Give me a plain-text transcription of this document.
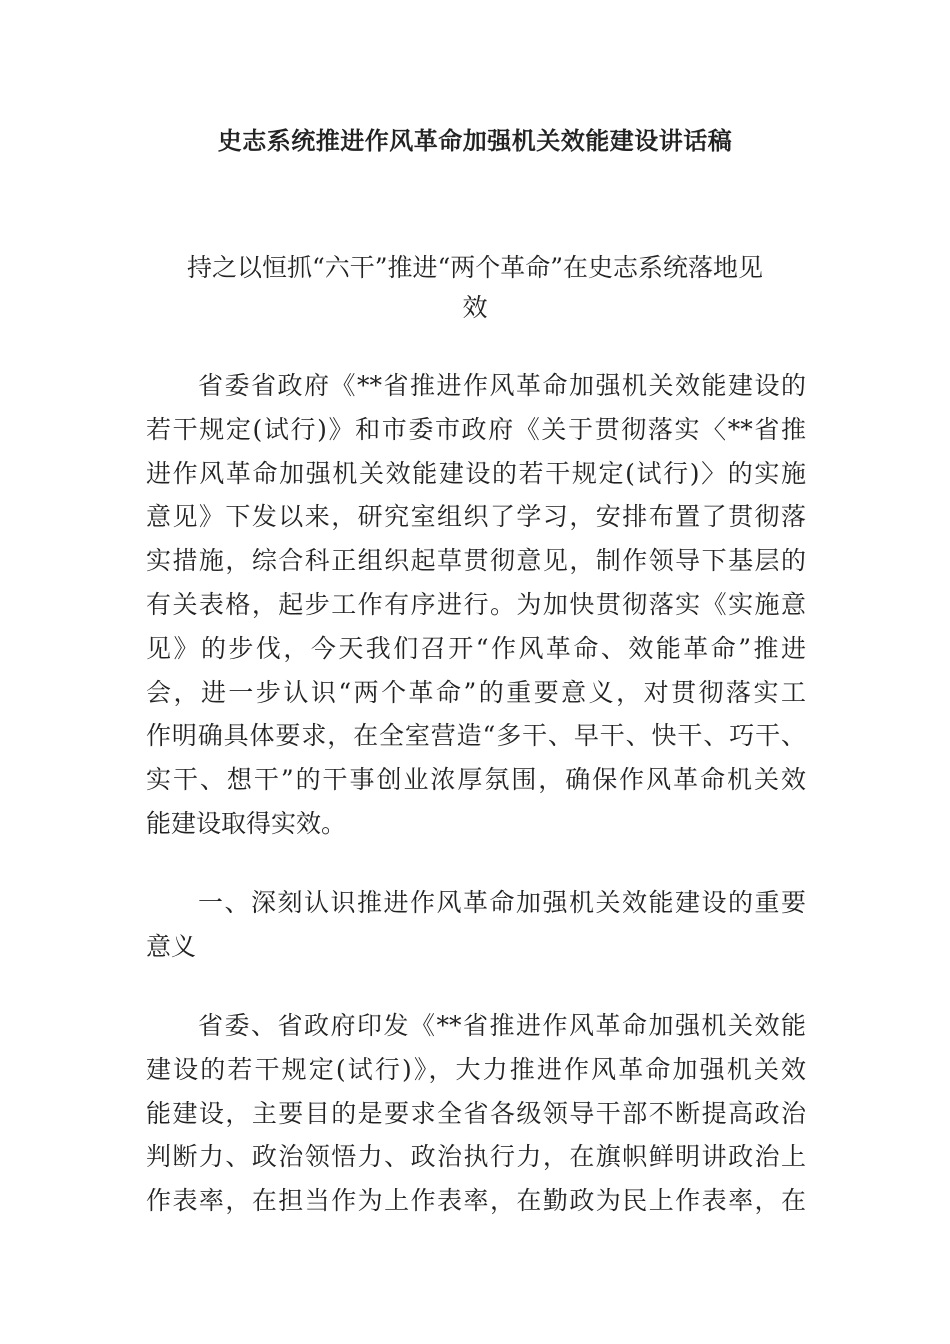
史志系统推进作风革命加强机关效能建设讲话稿
持之以恒抓“六干”推进“两个革命”在史志系统落地见
效
省委省政府《**省推进作风革命加强机关效能建设的
若干规定(试行)》和市委市政府《关于贯彻落实〈**省推
进作风革命加强机关效能建设的若干规定(试行)〉的实施
意见》下发以来，研究室组织了学习，安排布置了贯彻落
实措施，综合科正组织起草贯彻意见，制作领导下基层的
有关表格，起步工作有序进行。为加快贯彻落实《实施意
见》的步伐，今天我们召开“作风革命、效能革命”推进
会，进一步认识“两个革命”的重要意义，对贯彻落实工
作明确具体要求，在全室营造“多干、早干、快干、巧干、
实干、想干”的干事创业浓厚氛围，确保作风革命机关效
能建设取得实效。
一、深刻认识推进作风革命加强机关效能建设的重要
意义
省委、省政府印发《**省推进作风革命加强机关效能
建设的若干规定(试行)》，大力推进作风革命加强机关效
能建设，主要目的是要求全省各级领导干部不断提高政治
判断力、政治领悟力、政治执行力，在旗帜鲜明讲政治上
作表率，在担当作为上作表率，在勤政为民上作表率，在
